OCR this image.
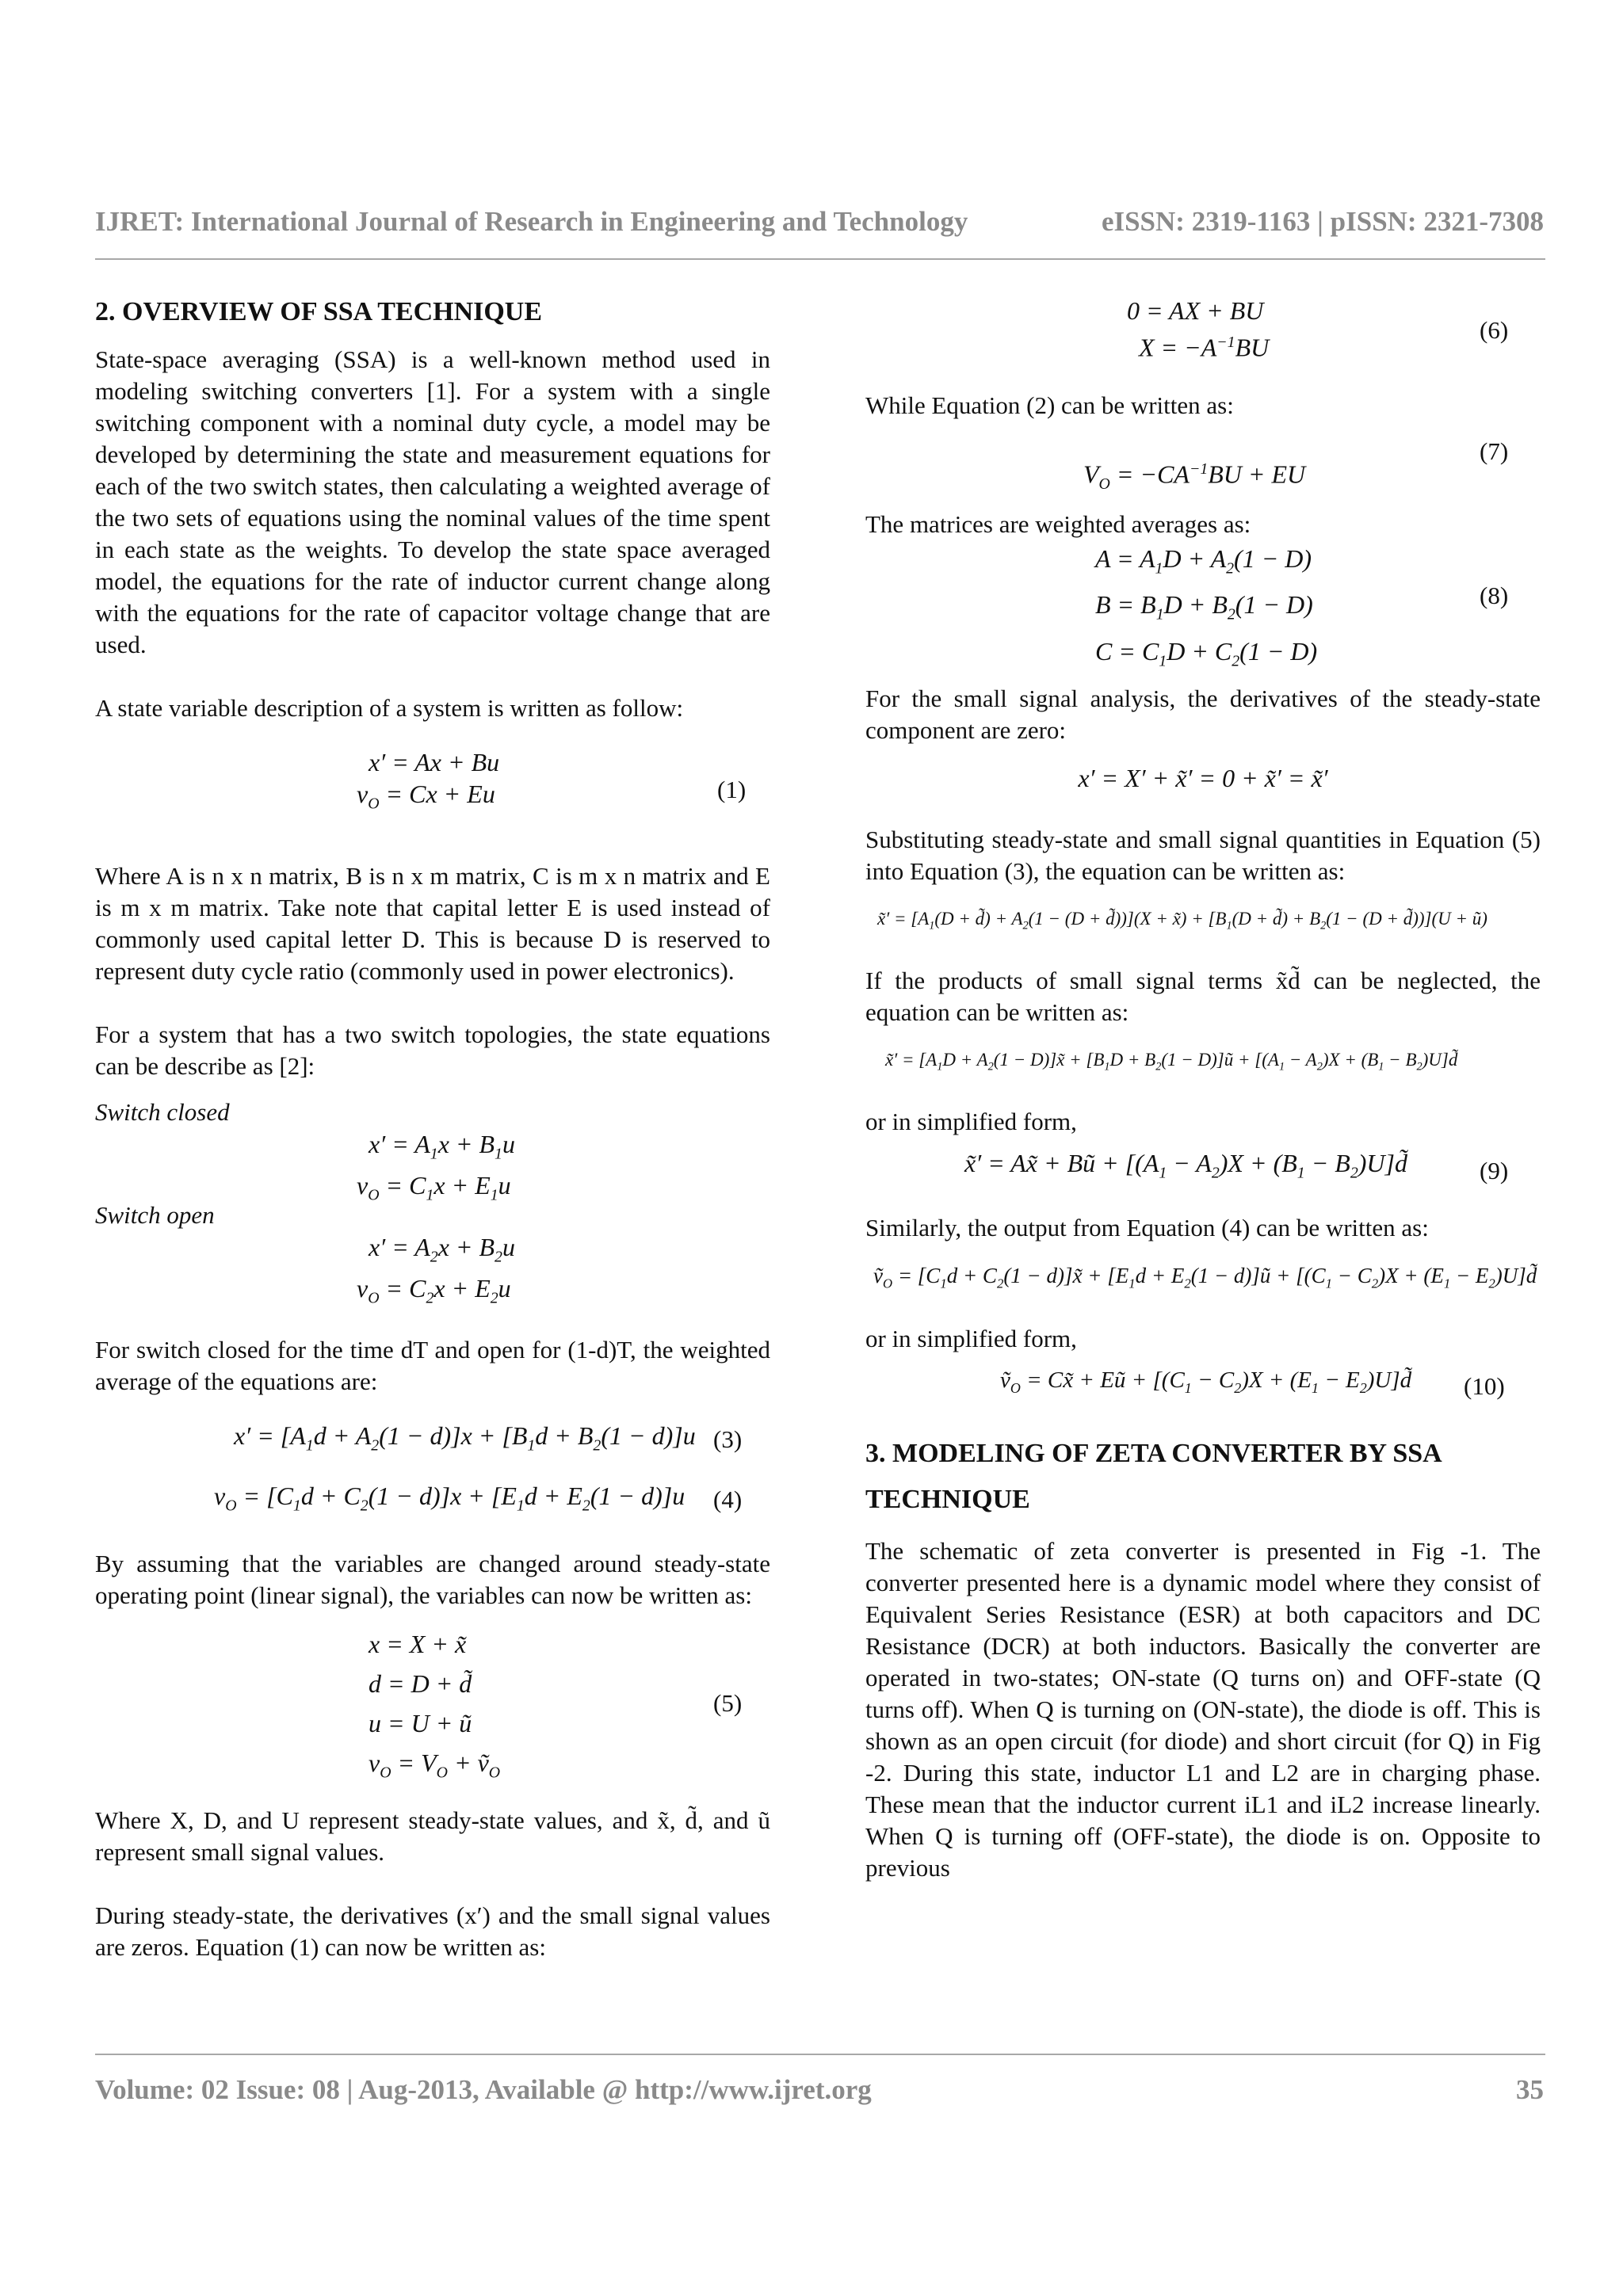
IJRET: International Journal of Research in Engineering and Technology	eISSN: 2319-1163 | pISSN: 2321-7308
2. OVERVIEW OF SSA TECHNIQUE

State-space averaging (SSA) is a well-known method used in modeling switching converters [1]. For a system with a single switching component with a nominal duty cycle, a model may be developed by determining the state and measurement equations for each of the two switch states, then calculating a weighted average of the two sets of equations using the nominal values of the time spent in each state as the weights. To develop the state space averaged model, the equations for the rate of inductor current change along with the equations for the rate of capacitor voltage change that are used.

A state variable description of a system is written as follow:

x′ = Ax + Bu
$v_O = Cx + Eu$	(1)

Where A is n x n matrix, B is n x m matrix, C is m x n matrix and E is m x m matrix. Take note that capital letter E is used instead of commonly used capital letter D. This is because D is reserved to represent duty cycle ratio (commonly used in power electronics).

For a system that has a two switch topologies, the state equations can be describe as [2]:

Switch closed

$x' = A_1x + B_1u$
$v_O = C_1x + E_1u$

Switch open

$x' = A_2x + B_2u$
$v_O = C_2x + E_2u$

For switch closed for the time dT and open for (1-d)T, the weighted average of the equations are:

$x' = [A_1d + A_2(1 - d)]x + [B_1d + B_2(1 - d)]u$ (3)
$v_O = [C_1d + C_2(1 - d)]x + [E_1d + E_2(1 - d)]u$	(4)

By assuming that the variables are changed around steady-state operating point (linear signal), the variables can now be written as:

x = X + x̃
d = D + d̃
u = U + ũ
$v_O = V_O$ + ṽ$_O$
(5)

Where X, D, and U represent steady-state values, and x̃, d̃, and ũ represent small signal values.

During steady-state, the derivatives (x′) and the small signal values are zeros. Equation (1) can now be written as:

0 = AX + BU
$X = -A^{-1}BU$
(6)

While Equation (2) can be written as:

$V_O = -CA^{-1}BU$ + EU
(7)

The matrices are weighted averages as:

$A = A_1D + A_2(1 - D)$
$B = B_1D + B_2(1 - D)$
$C = C_1D + C_2(1 - D)$
(8)

For the small signal analysis, the derivatives of the steady-state component are zero:

x′ = X′ + x̃′ = 0 + x̃′ = x̃′

Substituting steady-state and small signal quantities in Equation (5) into Equation (3), the equation can be written as:

x̃′ = [$A_1(D$ + d̃) + $A_2(1 - (D$ + d̃))](X + x̃) + [$B_1(D$ + d̃) + $B_2(1 - (D$ + d̃))](U + ũ)

If the products of small signal terms x̃d̃ can be neglected, the equation can be written as:

x̃′ = [$A_1D + A_2(1$ − D)]x̃ + [$B_1D + B_2(1$ − D)]ũ + [$(A_1 - A_2)X + (B_1$ − $B_2)U]d̃$

or in simplified form,

x̃′ = Ax̃ + Bũ + [$(A_1 - A_2)X + (B_1$ − $B_2)U]d̃$	(9)

Similarly, the output from Equation (4) can be written as:

ṽ$_O$ = [$C_1d + C_2(1$ − d)]x̃ + [$E_1d + E_2(1$ − d)]ũ + [$(C_1 - C_2)X + (E_1$ − $E_2)U]d̃$

or in simplified form,

ṽ$_O$ = Cx̃ + Eũ + [$(C_1 - C_2)X + (E_1$ − $E_2)U]d̃$	(10)
3. MODELING OF ZETA CONVERTER BY SSA TECHNIQUE

The schematic of zeta converter is presented in Fig -1. The converter presented here is a dynamic model where they consist of Equivalent Series Resistance (ESR) at both capacitors and DC Resistance (DCR) at both inductors. Basically the converter are operated in two-states; ON-state (Q turns on) and OFF-state (Q turns off). When Q is turning on (ON-state), the diode is off. This is shown as an open circuit (for diode) and short circuit (for Q) in Fig -2. During this state, inductor L1 and L2 are in charging phase. These mean that the inductor current iL1 and iL2 increase linearly. When Q is turning off (OFF-state), the diode is on. Opposite to previous

Volume: 02 Issue: 08 | Aug-2013, Available @ http://www.ijret.org	35
